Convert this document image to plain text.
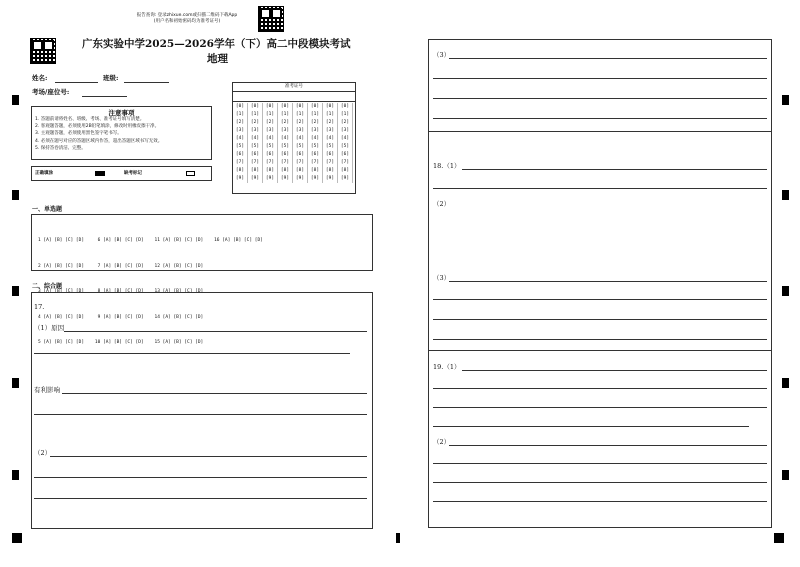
报告查询: 登录zhixue.com或扫描二维码下载App
(用户名和初始密码均为准考证号)
广东实验中学2025—2026学年（下）高二中段模块考试
地理
姓名:	班级:
考场/座位号:
准考证号
[0]
[1]
[2]
[3]
[4]
[5]
[6]
[7]
[8]
[9]
[0]
[1]
[2]
[3]
[4]
[5]
[6]
[7]
[8]
[9]
[0]
[1]
[2]
[3]
[4]
[5]
[6]
[7]
[8]
[9]
[0]
[1]
[2]
[3]
[4]
[5]
[6]
[7]
[8]
[9]
[0]
[1]
[2]
[3]
[4]
[5]
[6]
[7]
[8]
[9]
[0]
[1]
[2]
[3]
[4]
[5]
[6]
[7]
[8]
[9]
[0]
[1]
[2]
[3]
[4]
[5]
[6]
[7]
[8]
[9]
[0]
[1]
[2]
[3]
[4]
[5]
[6]
[7]
[8]
[9]
注意事项
1. 答题前请将姓名、班级、考场、准考证号填写清楚。
2. 客观题答题，必须使用2B铅笔填涂，修改时用橡皮擦干净。
3. 主观题答题，必须使用黑色签字笔书写。
4. 必须在题号对应的答题区域内作答，超出答题区域书写无效。
5. 保持答卷清洁、完整。
正确填涂	缺考标记
一、单选题

1 [A] [B] [C] [D]     6 [A] [B] [C] [D]    11 [A] [B] [C] [D]    16 [A] [B] [C] [D]

2 [A] [B] [C] [D]     7 [A] [B] [C] [D]    12 [A] [B] [C] [D]

3 [A] [B] [C] [D]     8 [A] [B] [C] [D]    13 [A] [B] [C] [D]

4 [A] [B] [C] [D]     9 [A] [B] [C] [D]    14 [A] [B] [C] [D]

5 [A] [B] [C] [D]    10 [A] [B] [C] [D]    15 [A] [B] [C] [D]

二、综合题
17.
（1）原因
有利影响
（2）
（3）
18.（1）
（2）
（3）
19.（1）
（2）
